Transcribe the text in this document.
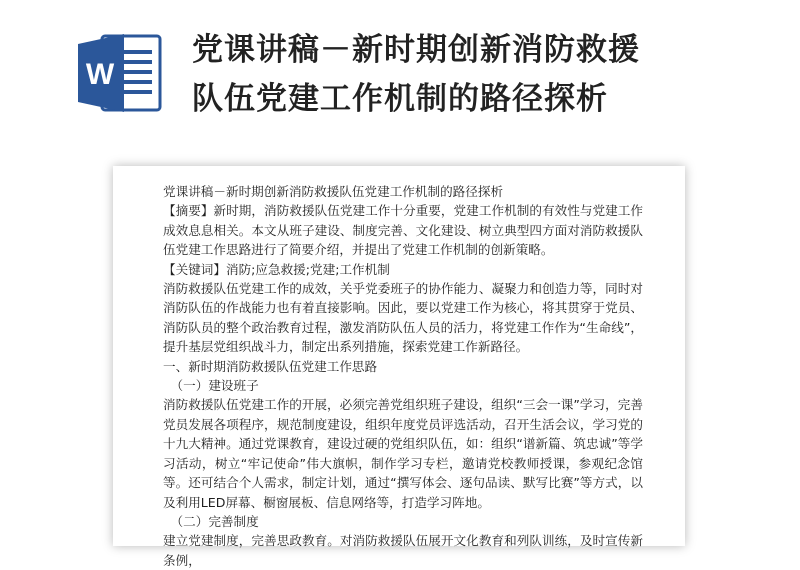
W
党课讲稿－新时期创新消防救援
队伍党建工作机制的路径探析

党课讲稿－新时期创新消防救援队伍党建工作机制的路径探析

【摘要】新时期，消防救援队伍党建工作十分重要，党建工作机制的有效性与党建工作成效息息相关。本文从班子建设、制度完善、文化建设、树立典型四方面对消防救援队伍党建工作思路进行了简要介绍，并提出了党建工作机制的创新策略。

【关键词】消防;应急救援;党建;工作机制

消防救援队伍党建工作的成效，关乎党委班子的协作能力、凝聚力和创造力等，同时对消防队伍的作战能力也有着直接影响。因此，要以党建工作为核心，将其贯穿于党员、消防队员的整个政治教育过程，激发消防队伍人员的活力，将党建工作作为“生命线”，提升基层党组织战斗力，制定出系列措施，探索党建工作新路径。

一、新时期消防救援队伍党建工作思路

（一）建设班子

消防救援队伍党建工作的开展，必须完善党组织班子建设，组织“三会一课”学习，完善党员发展各项程序，规范制度建设，组织年度党员评选活动，召开生活会议，学习党的十九大精神。通过党课教育，建设过硬的党组织队伍，如：组织“谱新篇、筑忠诚”等学习活动，树立“牢记使命”伟大旗帜，制作学习专栏，邀请党校教师授课，参观纪念馆等。还可结合个人需求，制定计划，通过“撰写体会、逐句品读、默写比赛”等方式，以及利用LED屏幕、橱窗展板、信息网络等，打造学习阵地。

（二）完善制度

建立党建制度，完善思政教育。对消防救援队伍展开文化教育和列队训练，及时宣传新条例，
